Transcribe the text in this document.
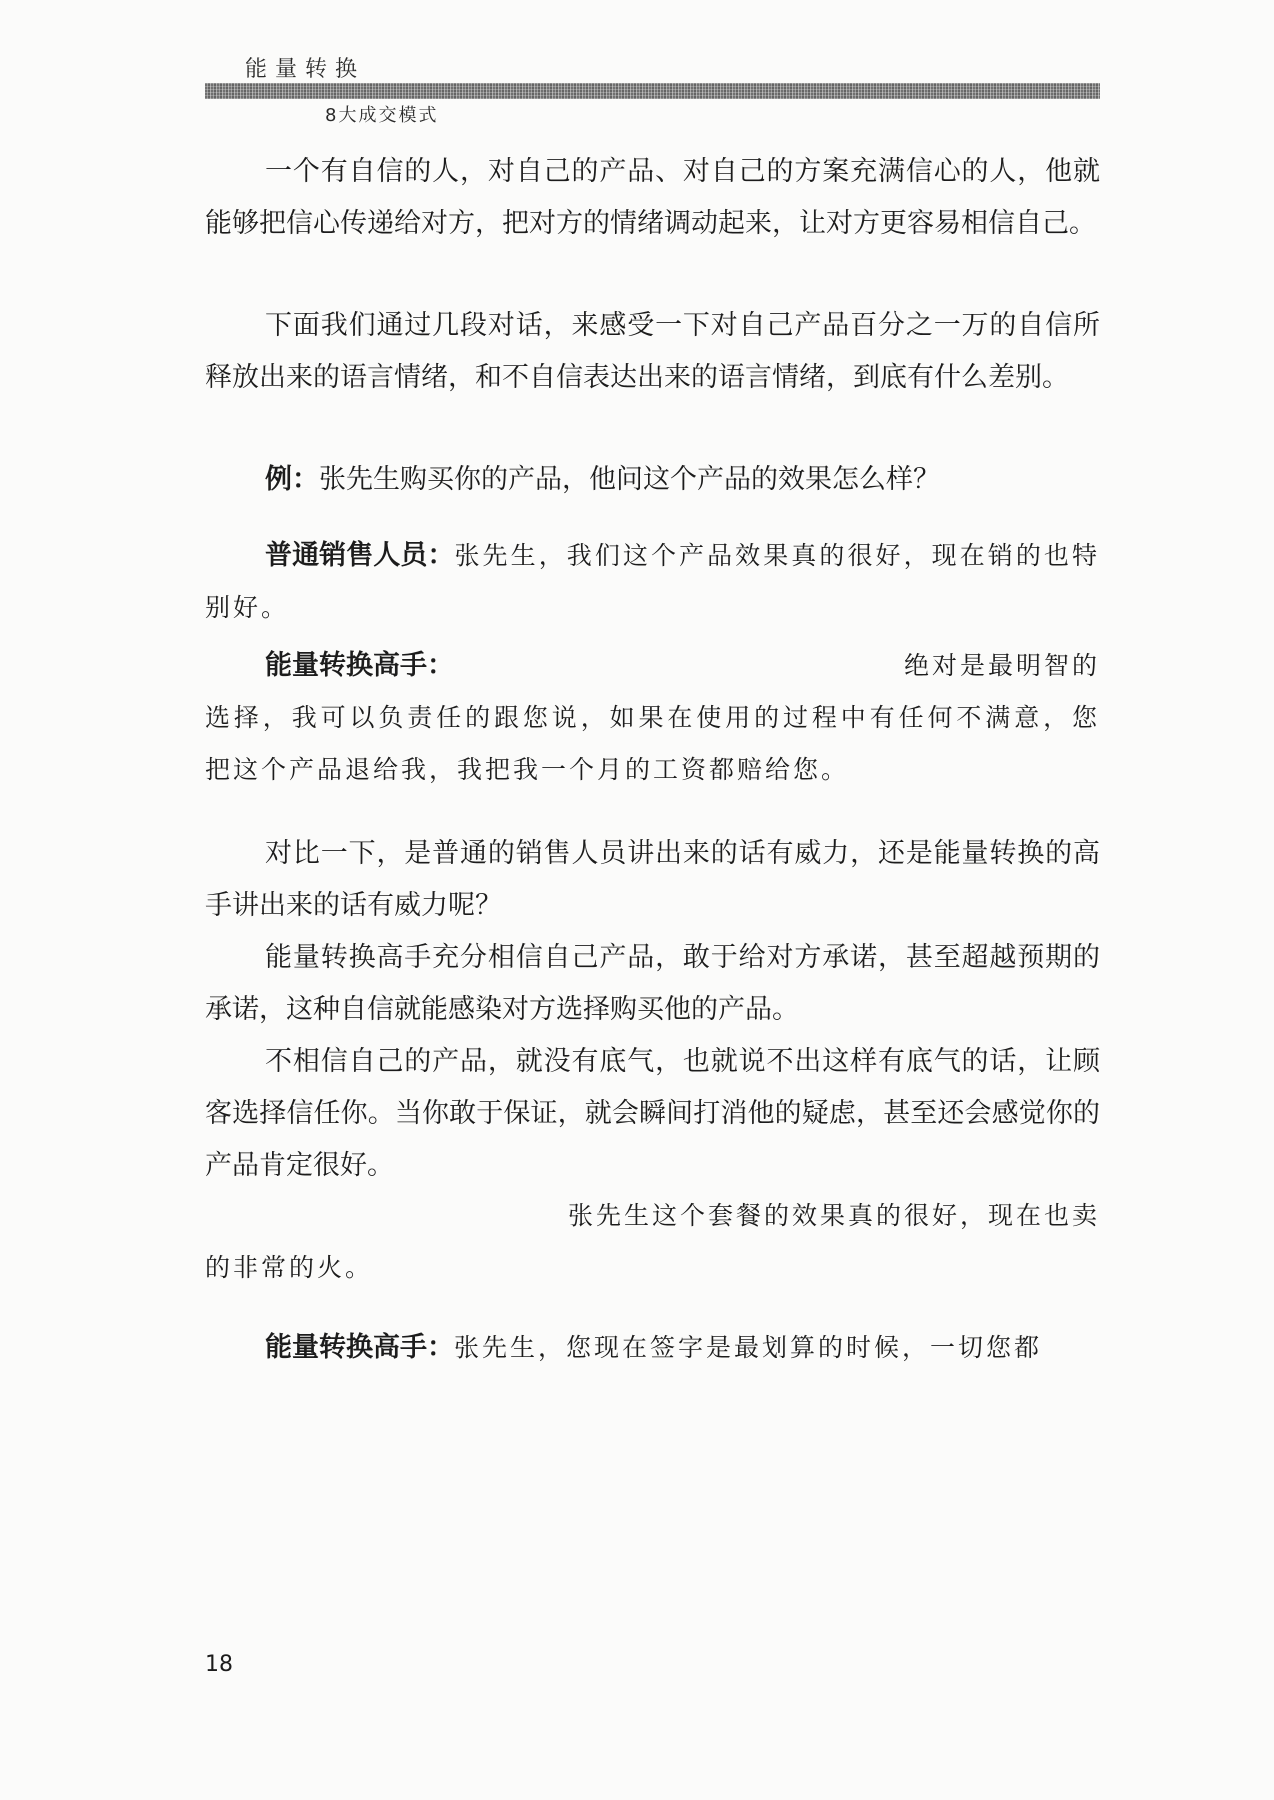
能量转换
8大成交模式
一个有自信的人，对自己的产品、对自己的方案充满信心的人，他就能够把信心传递给对方，把对方的情绪调动起来，让对方更容易相信自己。
下面我们通过几段对话，来感受一下对自己产品百分之一万的自信所释放出来的语言情绪，和不自信表达出来的语言情绪，到底有什么差别。
例：张先生购买你的产品，他问这个产品的效果怎么样？
普通销售人员：张先生，我们这个产品效果真的很好，现在销的也特别好。
能量转换高手：	绝对是最明智的

选择，我可以负责任的跟您说，如果在使用的过程中有任何不满意，您把这个产品退给我，我把我一个月的工资都赔给您。

对比一下，是普通的销售人员讲出来的话有威力，还是能量转换的高手讲出来的话有威力呢？
能量转换高手充分相信自己产品，敢于给对方承诺，甚至超越预期的承诺，这种自信就能感染对方选择购买他的产品。
不相信自己的产品，就没有底气，也就说不出这样有底气的话，让顾客选择信任你。当你敢于保证，就会瞬间打消他的疑虑，甚至还会感觉你的产品肯定很好。

张先生这个套餐的效果真的很好，现在也卖

的非常的火。

能量转换高手：张先生，您现在签字是最划算的时候，一切您都
18
